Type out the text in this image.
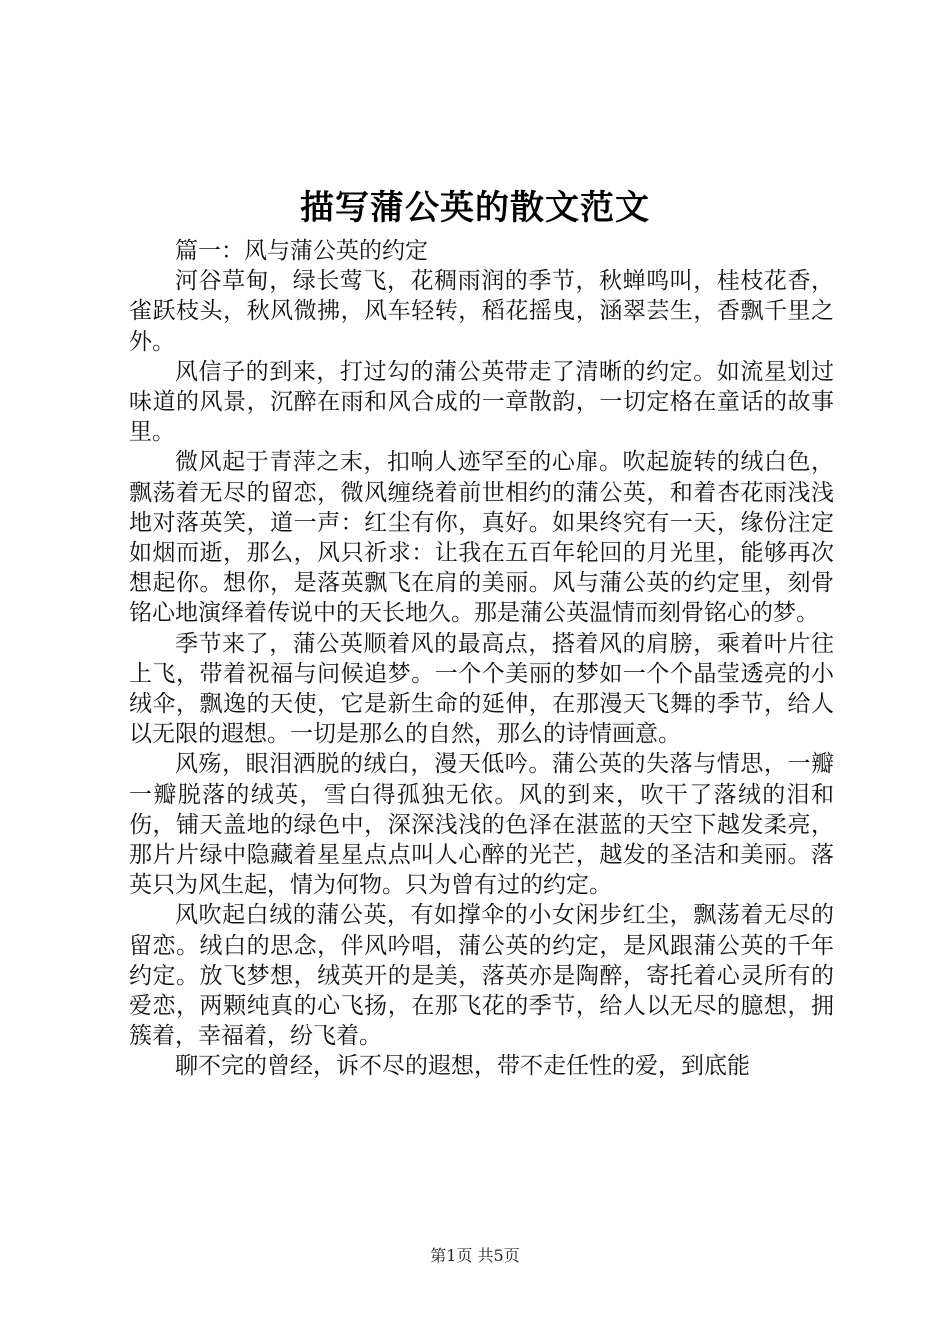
描写蒲公英的散文范文

篇一：风与蒲公英的约定

河谷草甸，绿长莺飞，花稠雨润的季节，秋蝉鸣叫，桂枝花香，雀跃枝头，秋风微拂，风车轻转，稻花摇曳，涵翠芸生，香飘千里之外。

风信子的到来，打过勾的蒲公英带走了清晰的约定。如流星划过味道的风景，沉醉在雨和风合成的一章散韵，一切定格在童话的故事里。

微风起于青萍之末，扣响人迹罕至的心扉。吹起旋转的绒白色，飘荡着无尽的留恋，微风缠绕着前世相约的蒲公英，和着杏花雨浅浅地对落英笑，道一声：红尘有你，真好。如果终究有一天，缘份注定如烟而逝，那么，风只祈求：让我在五百年轮回的月光里，能够再次想起你。想你，是落英飘飞在肩的美丽。风与蒲公英的约定里，刻骨铭心地演绎着传说中的天长地久。那是蒲公英温情而刻骨铭心的梦。

季节来了，蒲公英顺着风的最高点，搭着风的肩膀，乘着叶片往上飞，带着祝福与问候追梦。一个个美丽的梦如一个个晶莹透亮的小绒伞，飘逸的天使，它是新生命的延伸，在那漫天飞舞的季节，给人以无限的遐想。一切是那么的自然，那么的诗情画意。

风殇，眼泪洒脱的绒白，漫天低吟。蒲公英的失落与情思，一瓣一瓣脱落的绒英，雪白得孤独无依。风的到来，吹干了落绒的泪和伤，铺天盖地的绿色中，深深浅浅的色泽在湛蓝的天空下越发柔亮，那片片绿中隐藏着星星点点叫人心醉的光芒，越发的圣洁和美丽。落英只为风生起，情为何物。只为曾有过的约定。

风吹起白绒的蒲公英，有如撑伞的小女闲步红尘，飘荡着无尽的留恋。绒白的思念，伴风吟唱，蒲公英的约定，是风跟蒲公英的千年约定。放飞梦想，绒英开的是美，落英亦是陶醉，寄托着心灵所有的爱恋，两颗纯真的心飞扬，在那飞花的季节，给人以无尽的臆想，拥簇着，幸福着，纷飞着。

聊不完的曾经，诉不尽的遐想，带不走任性的爱，到底能

第1页 共5页
